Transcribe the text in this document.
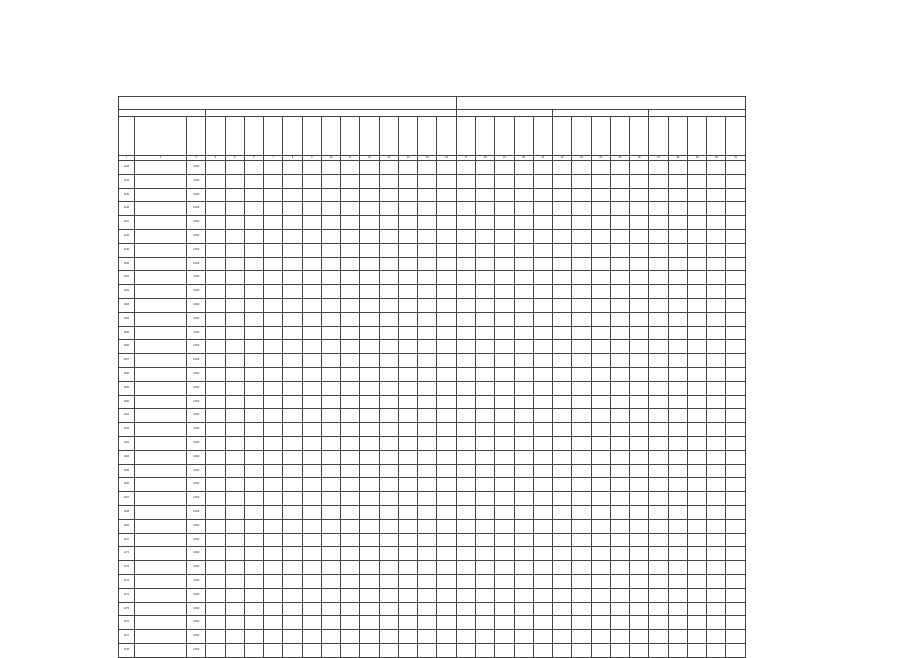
1	2	3	4	5	6	7	8	9	10	11	12	13	14	15	16	17	18	19	20	21	22	23	24	25	26	27	28	29	30	31
1143		4,000																												
1144		4,000																												
1145		4,000																												
1146		4,000																												
1147		4,000																												
1148		4,000																												
1149		4,000																												
1150		4,000																												
1151		4,000																												
1152		4,000																												
1153		4,000																												
1154		4,000																												
1155		4,000																												
1156		4,000																												
1157		4,000																												
1158		4,000																												
1159		4,000																												
1160		4,000																												
1161		4,000																												
1162		4,000																												
1163		4,000																												
1164		4,000																												
1165		4,000																												
1166		4,000																												
1167		4,000																												
1168		4,000																												
1169		4,000																												
1170		4,000																												
1171		4,000																												
1172		4,000																												
1173		4,000																												
1174		4,000																												
1175		4,000																												
1176		4,000																												
1177		4,000																												
1178		4,000																												
